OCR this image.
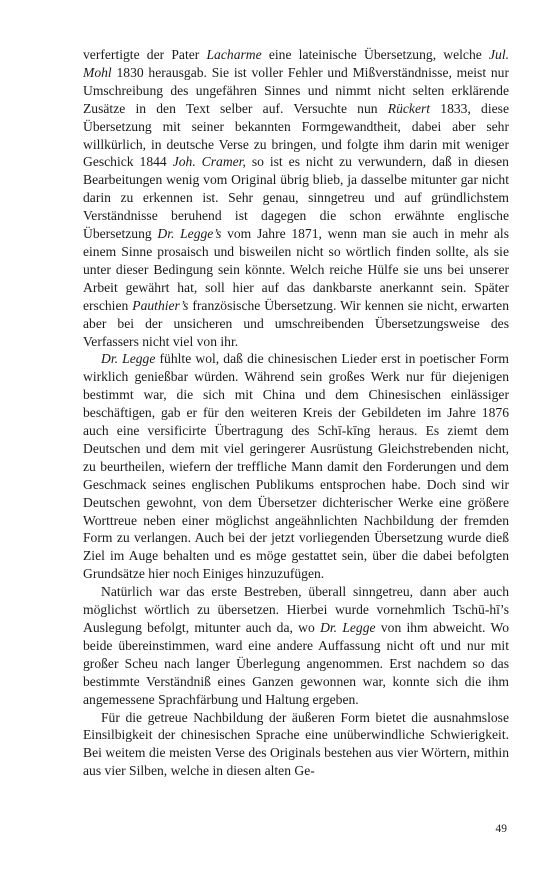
verfertigte der Pater Lacharme eine lateinische Übersetzung, welche Jul. Mohl 1830 herausgab. Sie ist voller Fehler und Mißverständnisse, meist nur Umschreibung des ungefähren Sinnes und nimmt nicht selten erklärende Zusätze in den Text selber auf. Versuchte nun Rückert 1833, diese Übersetzung mit seiner bekannten Formgewandtheit, dabei aber sehr willkürlich, in deutsche Verse zu bringen, und folgte ihm darin mit weniger Geschick 1844 Joh. Cramer, so ist es nicht zu verwundern, daß in diesen Bearbeitungen wenig vom Original übrig blieb, ja dasselbe mitunter gar nicht darin zu erkennen ist. Sehr genau, sinngetreu und auf gründlichstem Verständnisse beruhend ist dagegen die schon erwähnte englische Übersetzung Dr. Legge’s vom Jahre 1871, wenn man sie auch in mehr als einem Sinne prosaisch und bisweilen nicht so wörtlich finden sollte, als sie unter dieser Bedingung sein könnte. Welch reiche Hülfe sie uns bei unserer Arbeit gewährt hat, soll hier auf das dankbarste anerkannt sein. Später erschien Pauthier’s französische Übersetzung. Wir kennen sie nicht, erwarten aber bei der unsicheren und umschreibenden Übersetzungsweise des Verfassers nicht viel von ihr.

Dr. Legge fühlte wol, daß die chinesischen Lieder erst in poetischer Form wirklich genießbar würden. Während sein großes Werk nur für diejenigen bestimmt war, die sich mit China und dem Chinesischen einlässiger beschäftigen, gab er für den weiteren Kreis der Gebildeten im Jahre 1876 auch eine versificirte Übertragung des Schī-kīng heraus. Es ziemt dem Deutschen und dem mit viel geringerer Ausrüstung Gleichstrebenden nicht, zu beurtheilen, wiefern der treffliche Mann damit den Forderungen und dem Geschmack seines englischen Publikums entsprochen habe. Doch sind wir Deutschen gewohnt, von dem Übersetzer dichterischer Werke eine größere Worttreue neben einer möglichst angeähnlichten Nachbildung der fremden Form zu verlangen. Auch bei der jetzt vorliegenden Übersetzung wurde dieß Ziel im Auge behalten und es möge gestattet sein, über die dabei befolgten Grundsätze hier noch Einiges hinzuzufügen.

Natürlich war das erste Bestreben, überall sinngetreu, dann aber auch möglichst wörtlich zu übersetzen. Hierbei wurde vornehmlich Tschū-hī’s Auslegung befolgt, mitunter auch da, wo Dr. Legge von ihm abweicht. Wo beide übereinstimmen, ward eine andere Auffassung nicht oft und nur mit großer Scheu nach langer Überlegung angenommen. Erst nachdem so das bestimmte Verständniß eines Ganzen gewonnen war, konnte sich die ihm angemessene Sprachfärbung und Haltung ergeben.

Für die getreue Nachbildung der äußeren Form bietet die ausnahmslose Einsilbigkeit der chinesischen Sprache eine unüberwindliche Schwierigkeit. Bei weitem die meisten Verse des Originals bestehen aus vier Wörtern, mithin aus vier Silben, welche in diesen alten Ge-

49
